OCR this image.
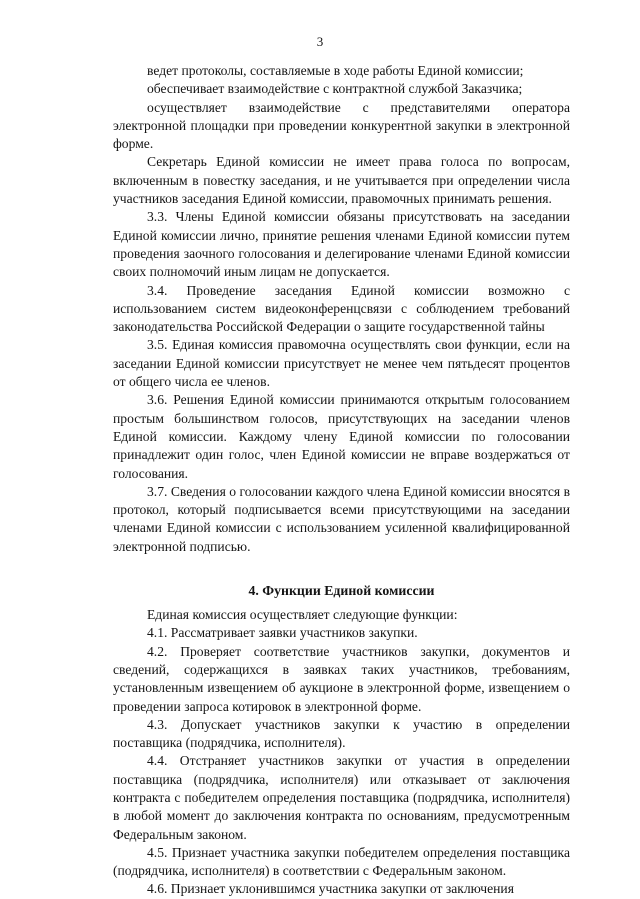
3

ведет протоколы, составляемые в ходе работы Единой комиссии;

обеспечивает взаимодействие с контрактной службой Заказчика;

осуществляет взаимодействие с представителями оператора электронной площадки при проведении конкурентной закупки в электронной форме.

Секретарь Единой комиссии не имеет права голоса по вопросам, включенным в повестку заседания, и не учитывается при определении числа участников заседания Единой комиссии, правомочных принимать решения.

3.3. Члены Единой комиссии обязаны присутствовать на заседании Единой комиссии лично, принятие решения членами Единой комиссии путем проведения заочного голосования и делегирование членами Единой комиссии своих полномочий иным лицам не допускается.

3.4. Проведение заседания Единой комиссии возможно с использованием систем видеоконференцсвязи с соблюдением требований законодательства Российской Федерации о защите государственной тайны

3.5. Единая комиссия правомочна осуществлять свои функции, если на заседании Единой комиссии присутствует не менее чем пятьдесят процентов от общего числа ее членов.

3.6. Решения Единой комиссии принимаются открытым голосованием простым большинством голосов, присутствующих на заседании членов Единой комиссии. Каждому члену Единой комиссии по голосовании принадлежит один голос, член Единой комиссии не вправе воздержаться от голосования.

3.7. Сведения о голосовании каждого члена Единой комиссии вносятся в протокол, который подписывается всеми присутствующими на заседании членами Единой комиссии с использованием усиленной квалифицированной электронной подписью.

4. Функции Единой комиссии

Единая комиссия осуществляет следующие функции:

4.1. Рассматривает заявки участников закупки.

4.2. Проверяет соответствие участников закупки, документов и сведений, содержащихся в заявках таких участников, требованиям, установленным извещением об аукционе в электронной форме, извещением о проведении запроса котировок в электронной форме.

4.3. Допускает участников закупки к участию в определении поставщика (подрядчика, исполнителя).

4.4. Отстраняет участников закупки от участия в определении поставщика (подрядчика, исполнителя) или отказывает от заключения контракта с победителем определения поставщика (подрядчика, исполнителя) в любой момент до заключения контракта по основаниям, предусмотренным Федеральным законом.

4.5. Признает участника закупки победителем определения поставщика (подрядчика, исполнителя) в соответствии с Федеральным законом.

4.6. Признает уклонившимся участника закупки от заключения
